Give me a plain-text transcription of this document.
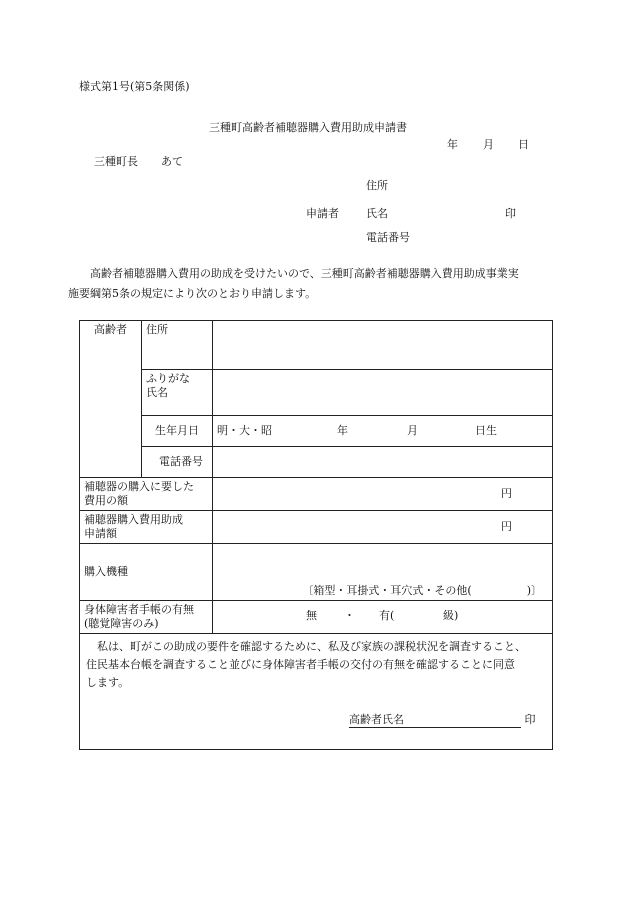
様式第1号(第5条関係)
三種町高齢者補聴器購入費用助成申請書
年 月 日
三種町長 あて
住所
申請者 氏名	印
電話番号
高齢者補聴器購入費用の助成を受けたいので、三種町高齢者補聴器購入費用助成事業実
施要綱第5条の規定により次のとおり申請します。
高齢者	住所	
	ふりがな
氏名	
	生年月日	明・大・昭 年 月 日生

	電話番号	
補聴器の購入に要した
費用の額		円
補聴器購入費用助成
申請額		円
購入機種		〔箱型・耳掛式・耳穴式・その他(　　　　　)〕
身体障害者手帳の有無
(聴覚障害のみ)		無 ・ 有( 級)

私は、町がこの助成の要件を確認するために、私及び家族の課税状況を調査すること、
住民基本台帳を調査すること並びに身体障害者手帳の交付の有無を確認することに同意
します。
高齢者氏名 印		
